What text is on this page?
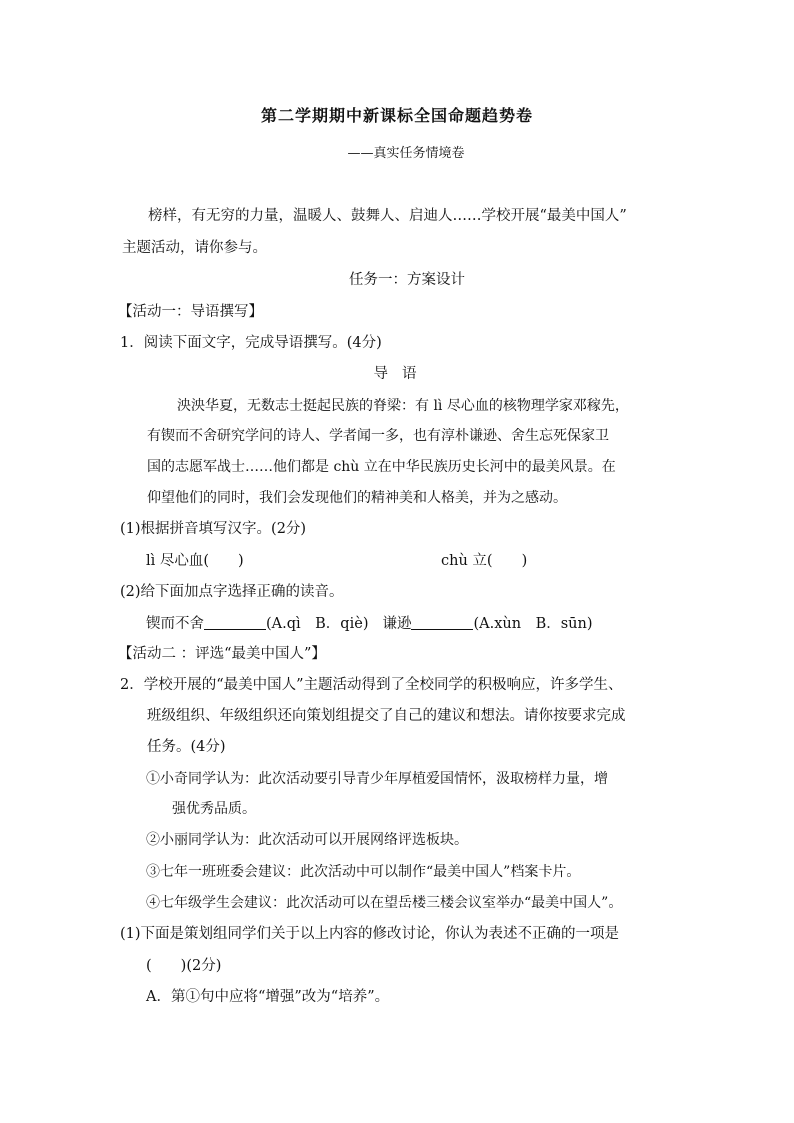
第二学期期中新课标全国命题趋势卷
——真实任务情境卷
榜样，有无穷的力量，温暖人、鼓舞人、启迪人……学校开展“最美中国人”
主题活动，请你参与。
任务一：方案设计
【活动一：导语撰写】
1．阅读下面文字，完成导语撰写。(4分)
导语
泱泱华夏，无数志士挺起民族的脊梁：有 lì 尽心血的核物理学家邓稼先，
有锲而不舍研究学问的诗人、学者闻一多，也有淳朴谦逊、舍生忘死保家卫
国的志愿军战士……他们都是 chù 立在中华民族历史长河中的最美风景。在
仰望他们的同时，我们会发现他们的精神美和人格美，并为之感动。
(1)根据拼音填写汉字。(2分)
lì 尽心血(　　)	chù 立(　　)
(2)给下面加点字选择正确的读音。
锲而不舍	(A.qì　B．qiè) 谦逊	(A.xùn　B．sūn)
【活动二 ：评选“最美中国人”】
2．学校开展的“最美中国人”主题活动得到了全校同学的积极响应，许多学生、
班级组织、年级组织还向策划组提交了自己的建议和想法。请你按要求完成
任务。(4分)
①小奇同学认为：此次活动要引导青少年厚植爱国情怀，汲取榜样力量，增
强优秀品质。
②小丽同学认为：此次活动可以开展网络评选板块。
③七年一班班委会建议：此次活动中可以制作“最美中国人”档案卡片。
④七年级学生会建议：此次活动可以在望岳楼三楼会议室举办“最美中国人”。
(1)下面是策划组同学们关于以上内容的修改讨论，你认为表述不正确的一项是
(　　)(2分)
A．第①句中应将“增强”改为“培养”。
